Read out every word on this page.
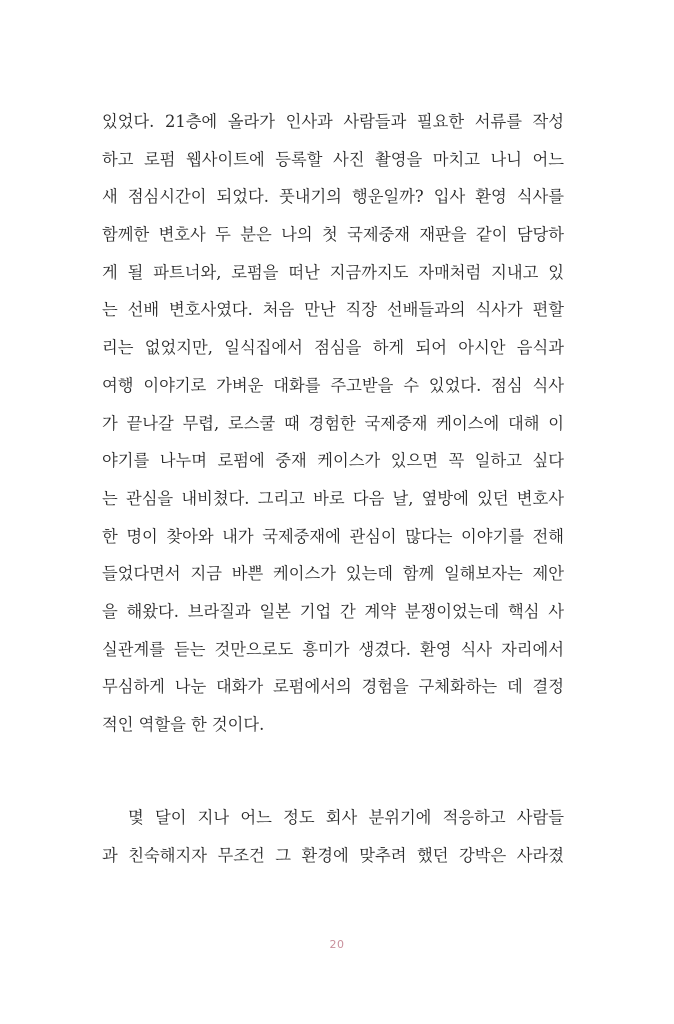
있었다. 21층에 올라가 인사과 사람들과 필요한 서류를 작성
하고 로펌 웹사이트에 등록할 사진 촬영을 마치고 나니 어느
새 점심시간이 되었다. 풋내기의 행운일까? 입사 환영 식사를
함께한 변호사 두 분은 나의 첫 국제중재 재판을 같이 담당하
게 될 파트너와, 로펌을 떠난 지금까지도 자매처럼 지내고 있
는 선배 변호사였다. 처음 만난 직장 선배들과의 식사가 편할
리는 없었지만, 일식집에서 점심을 하게 되어 아시안 음식과
여행 이야기로 가벼운 대화를 주고받을 수 있었다. 점심 식사
가 끝나갈 무렵, 로스쿨 때 경험한 국제중재 케이스에 대해 이
야기를 나누며 로펌에 중재 케이스가 있으면 꼭 일하고 싶다
는 관심을 내비쳤다. 그리고 바로 다음 날, 옆방에 있던 변호사
한 명이 찾아와 내가 국제중재에 관심이 많다는 이야기를 전해
들었다면서 지금 바쁜 케이스가 있는데 함께 일해보자는 제안
을 해왔다. 브라질과 일본 기업 간 계약 분쟁이었는데 핵심 사
실관계를 듣는 것만으로도 흥미가 생겼다. 환영 식사 자리에서
무심하게 나눈 대화가 로펌에서의 경험을 구체화하는 데 결정
적인 역할을 한 것이다.
몇 달이 지나 어느 정도 회사 분위기에 적응하고 사람들
과 친숙해지자 무조건 그 환경에 맞추려 했던 강박은 사라졌
20
